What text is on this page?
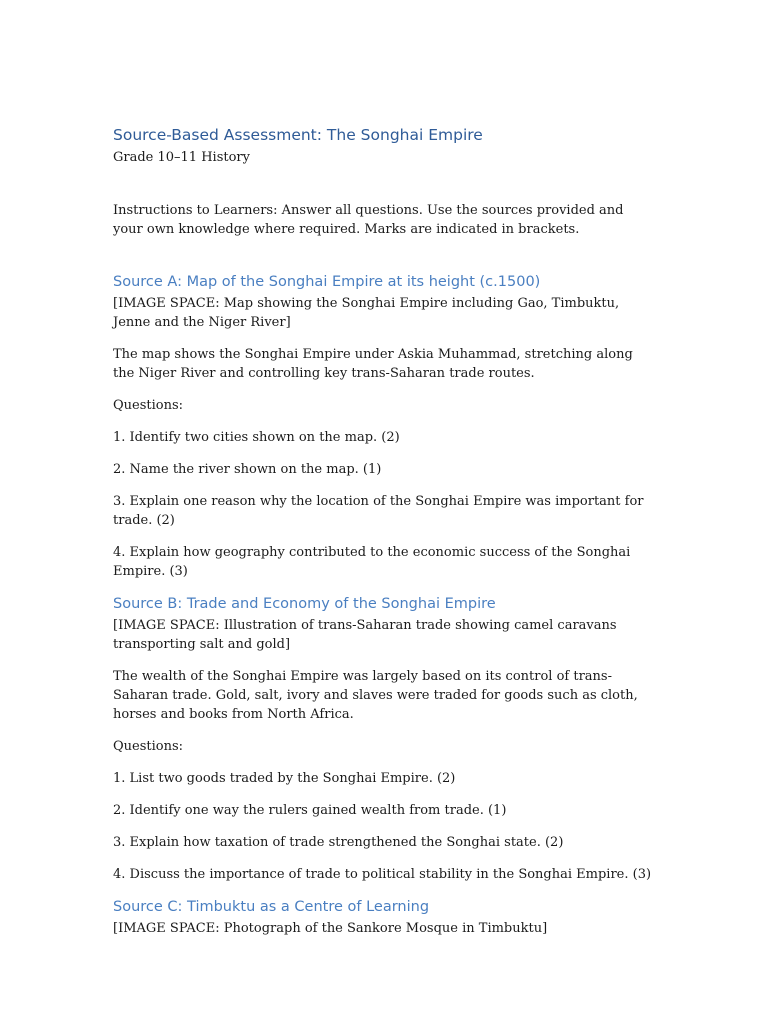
Source-Based Assessment: The Songhai Empire

Grade 10–11 History

Instructions to Learners: Answer all questions. Use the sources provided and your own knowledge where required. Marks are indicated in brackets.

Source A: Map of the Songhai Empire at its height (c.1500)

[IMAGE SPACE: Map showing the Songhai Empire including Gao, Timbuktu, Jenne and the Niger River]

The map shows the Songhai Empire under Askia Muhammad, stretching along the Niger River and controlling key trans-Saharan trade routes.

Questions:

1. Identify two cities shown on the map. (2)

2. Name the river shown on the map. (1)

3. Explain one reason why the location of the Songhai Empire was important for trade. (2)

4. Explain how geography contributed to the economic success of the Songhai Empire. (3)

Source B: Trade and Economy of the Songhai Empire

[IMAGE SPACE: Illustration of trans-Saharan trade showing camel caravans transporting salt and gold]

The wealth of the Songhai Empire was largely based on its control of trans-Saharan trade. Gold, salt, ivory and slaves were traded for goods such as cloth, horses and books from North Africa.

Questions:

1. List two goods traded by the Songhai Empire. (2)

2. Identify one way the rulers gained wealth from trade. (1)

3. Explain how taxation of trade strengthened the Songhai state. (2)

4. Discuss the importance of trade to political stability in the Songhai Empire. (3)

Source C: Timbuktu as a Centre of Learning

[IMAGE SPACE: Photograph of the Sankore Mosque in Timbuktu]
